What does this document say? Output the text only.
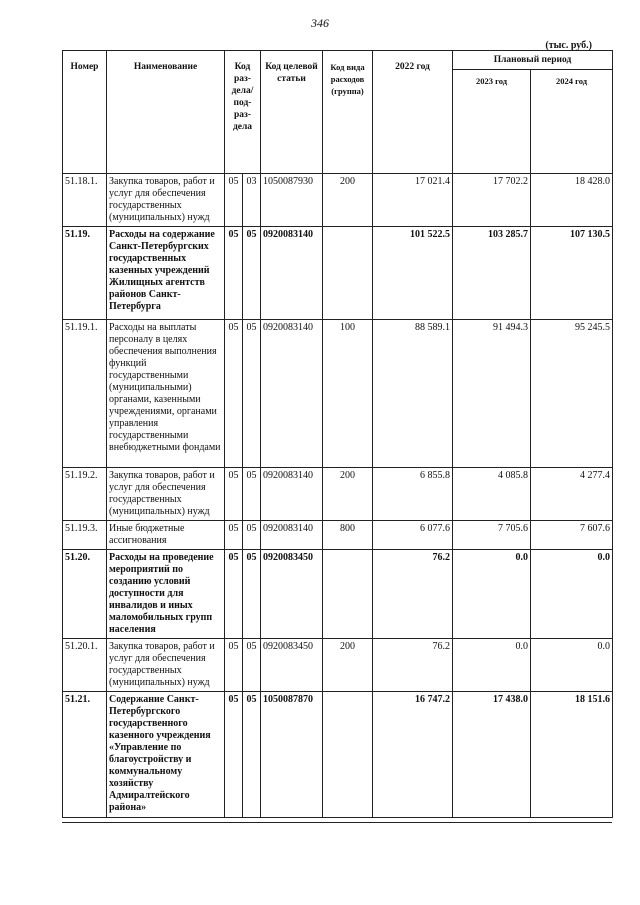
346
(тыс. руб.)
Номер	Наименование	Код раз-дела/ под-раз-дела		Код целевой статьи	Код вида расходов (группа)	2022 год	Плановый период	
							2023 год	2024 год
51.18.1.	Закупка товаров, работ и услуг для обеспечения государственных (муниципальных) нужд	05	03	1050087930	200	17 021.4	17 702.2	18 428.0
51.19.	Расходы на содержание Санкт-Петербургских государственных казенных учреждений Жилищных агентств районов Санкт-Петербурга	05	05	0920083140		101 522.5	103 285.7	107 130.5
51.19.1.	Расходы на выплаты персоналу в целях обеспечения выполнения функций государственными (муниципальными) органами, казенными учреждениями, органами управления государственными внебюджетными фондами	05	05	0920083140	100	88 589.1	91 494.3	95 245.5
51.19.2.	Закупка товаров, работ и услуг для обеспечения государственных (муниципальных) нужд	05	05	0920083140	200	6 855.8	4 085.8	4 277.4
51.19.3.	Иные бюджетные ассигнования	05	05	0920083140	800	6 077.6	7 705.6	7 607.6
51.20.	Расходы на проведение мероприятий по созданию условий доступности для инвалидов и иных маломобильных групп населения	05	05	0920083450		76.2	0.0	0.0
51.20.1.	Закупка товаров, работ и услуг для обеспечения государственных (муниципальных) нужд	05	05	0920083450	200	76.2	0.0	0.0
51.21.	Содержание Санкт-Петербургского государственного казенного учреждения «Управление по благоустройству и коммунальному хозяйству Адмиралтейского района»	05	05	1050087870		16 747.2	17 438.0	18 151.6
